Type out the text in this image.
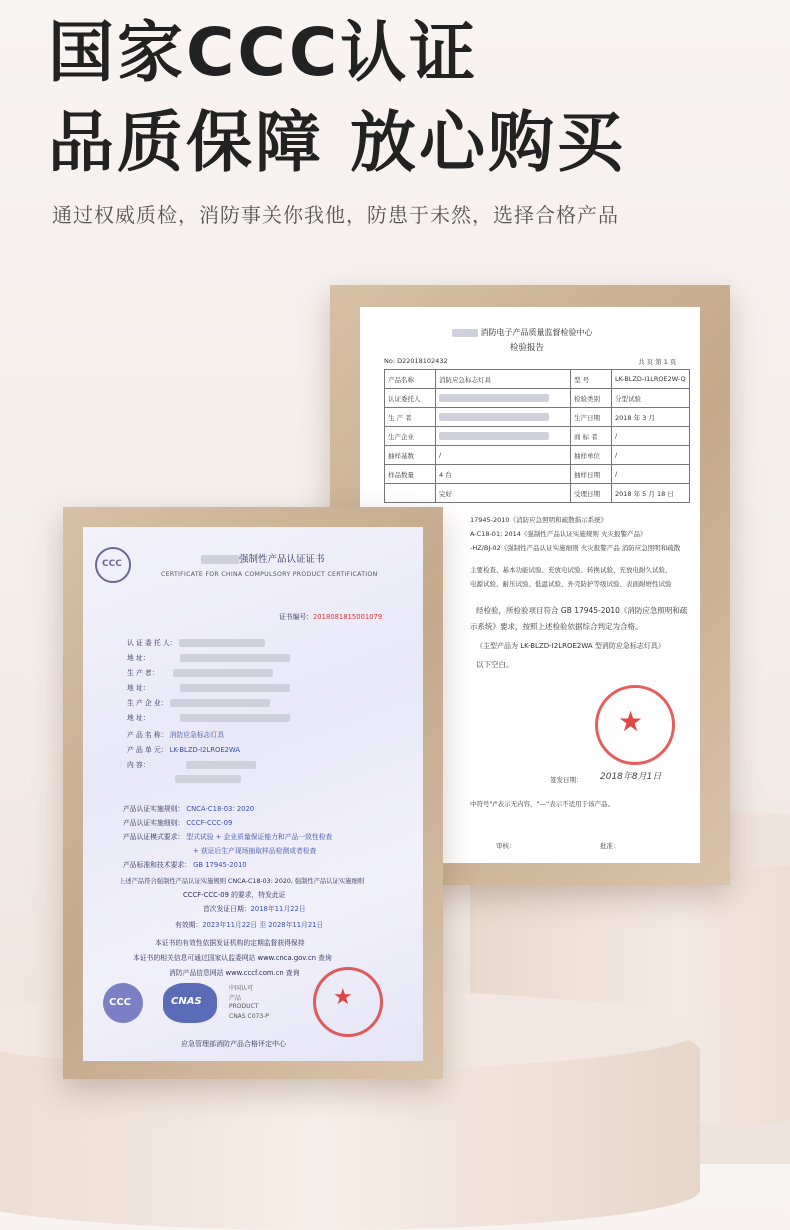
国家CCC认证
品质保障 放心购买
通过权威质检，消防事关你我他，防患于未然，选择合格产品
消防电子产品质量监督检验中心
检验报告
No: D22018102432	共 页 第 1 页
产品名称	消防应急标志灯具	型 号	LK-BLZD-Ⅰ1LROE2W-Q
认证委托人		检验类别	分型试验
生 产 者		生产日期	2018 年 3 月
生产企业		商 标 者	/
抽样基数	/	抽样单位	/
样品数量	4 台	抽样日期	/
	完好	受理日期	2018 年 5 月 18 日
17945-2010《消防应急照明和疏散指示系统》
A-C18-01; 2014《强制性产品认证实施规则 火灾报警产品》
-HZ/BJ-02《强制性产品认证实施细则 火灾报警产品 消防应急照明和疏散
主要检查、基本功能试验、充放电试验、转换试验、充放电耐久试验、
电源试验、耐压试验、低温试验、外壳防护等级试验、表面耐磨性试验
经检验，所检验项目符合 GB 17945-2010《消防应急照明和疏
示系统》要求，按照上述检验依据综合判定为合格。
（主型产品为 LK-BLZD-Ⅰ2LROE2WA 型消防应急标志灯具）
以下空白。
★
签发日期： 2018年8月1日
中符号"/"表示无内容，"—"表示不适用于该产品。
审核：	批准：
CCC	强制性产品认证证书
CERTIFICATE FOR CHINA COMPULSORY PRODUCT CERTIFICATION
证书编号：2018081815001079
认 证 委 托 人：
地 址：
生 产 者：
地 址：
生 产 企 业：
地 址：
产 品 名 称： 消防应急标志灯具
产 品 单 元： LK-BLZD-Ⅰ2LROE2WA
内 容：
产品认证实施规则： CNCA-C18-03: 2020
产品认证实施细则： CCCF-CCC-09
产品认证模式要求： 型式试验 + 企业质量保证能力和产品一致性检查
+ 获证后生产现场抽取样品检测或者检查
产品标准和技术要求： GB 17945-2010
上述产品符合强制性产品认证实施规则 CNCA-C18-03: 2020, 强制性产品认证实施细则
CCCF-CCC-09 的要求，特发此证
首次发证日期：2018年11月22日
有效期：2023年11月22日 至 2028年11月21日
本证书的有效性依据发证机构的定期监督获得保持
本证书的相关信息可通过国家认监委网站 www.cnca.gov.cn 查询
消防产品信息网站 www.cccf.com.cn 查询
CCC	CNAS
中国认可
产品
PRODUCT
CNAS C073-P
★
应急管理部消防产品合格评定中心
